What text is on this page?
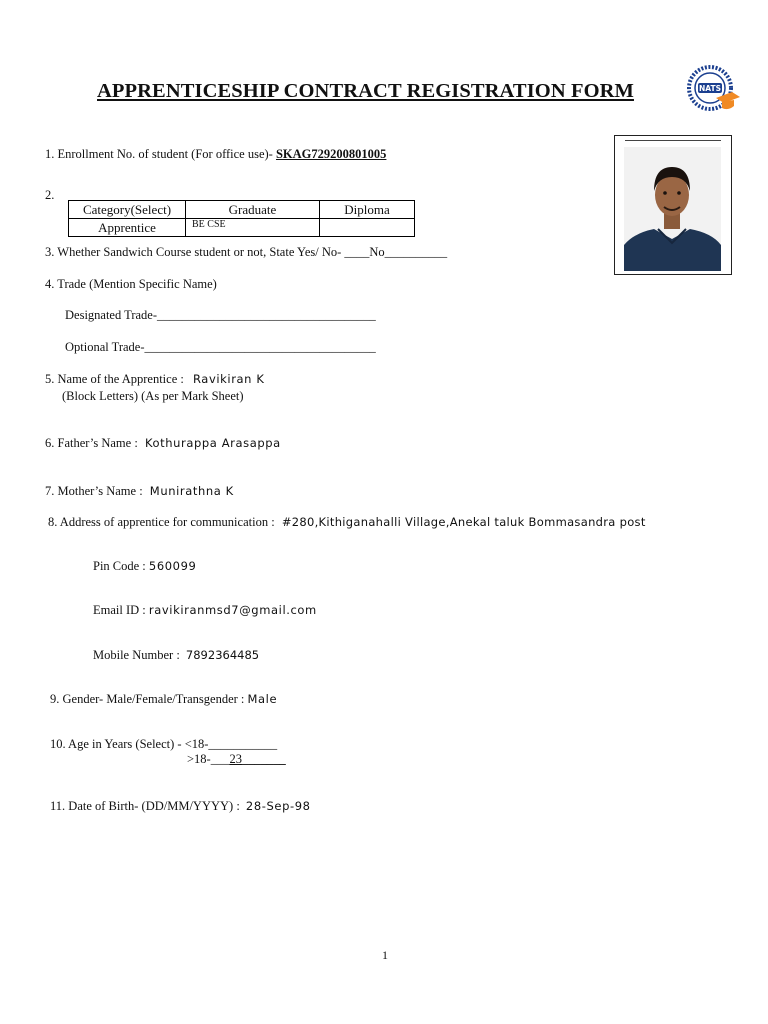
APPRENTICESHIP CONTRACT REGISTRATION FORM	NATS
1. Enrollment No. of student (For office use)- SKAG729200801005
2.
Category(Select)	Graduate	Diploma
Apprentice	BE CSE	
3. Whether Sandwich Course student or not, State Yes/ No- ____No__________
4. Trade (Mention Specific Name)
Designated Trade-___________________________________
Optional Trade-_____________________________________
5. Name of the Apprentice : Ravikiran K
(Block Letters) (As per Mark Sheet)
6. Father’s Name : Kothurappa Arasappa
7. Mother’s Name : Munirathna K
8. Address of apprentice for communication : #280,Kithiganahalli Village,Anekal taluk Bommasandra post
Pin Code : 560099
Email ID : ravikiranmsd7@gmail.com
Mobile Number : 7892364485
9. Gender- Male/Female/Transgender : Male
10. Age in Years (Select) - <18-___________
>18-___23_______
11. Date of Birth- (DD/MM/YYYY) : 28-Sep-98
1
